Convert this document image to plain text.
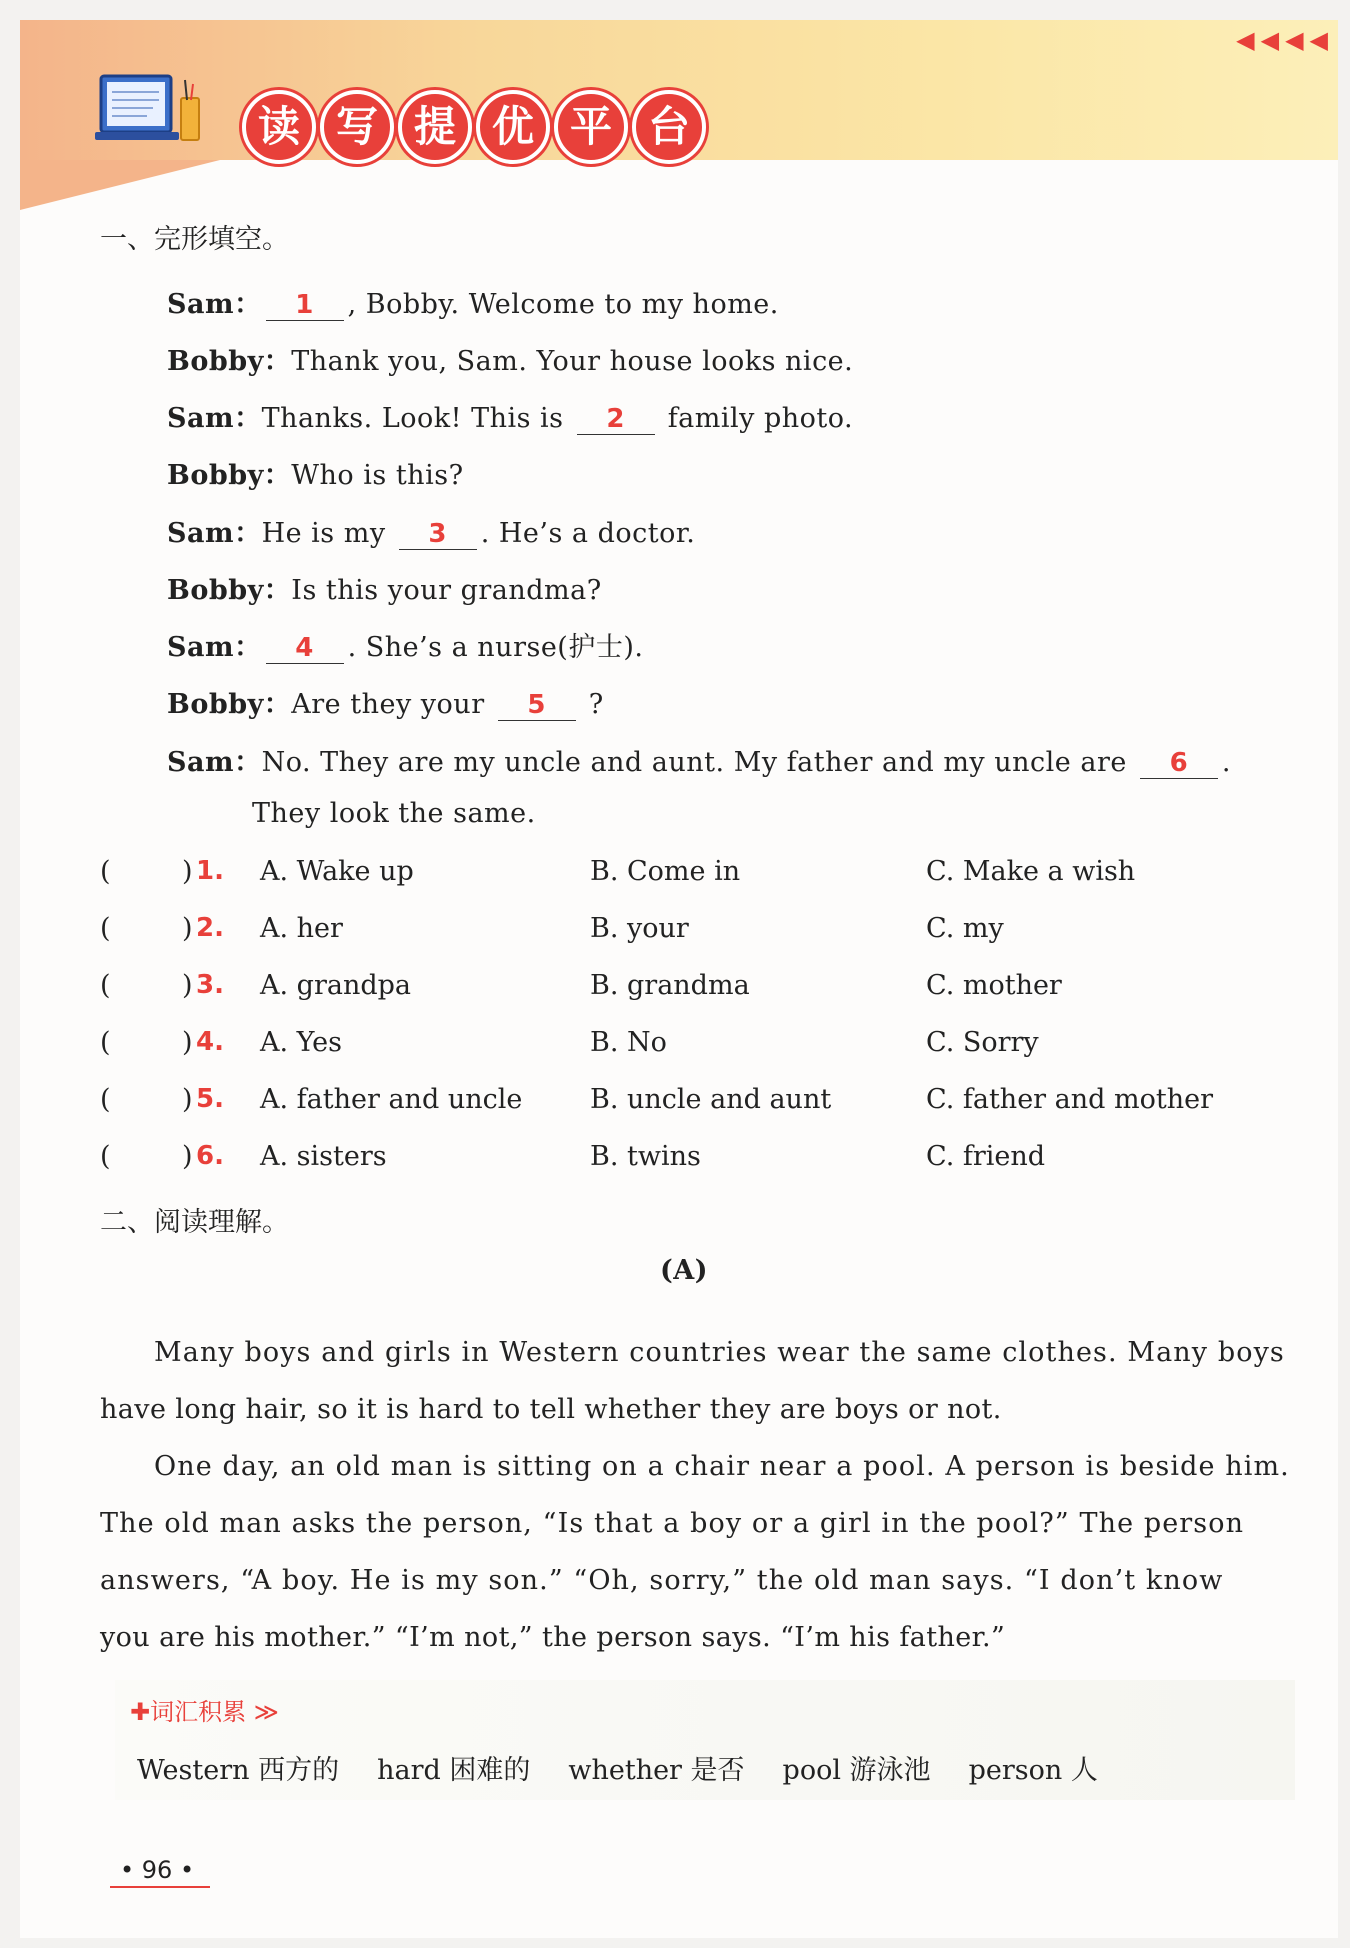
读 写 提 优 平 台
◀ ◀ ◀ ◀
一、完形填空。
Sam： 1 , Bobby. Welcome to my home.
Bobby：Thank you, Sam. Your house looks nice.
Sam：Thanks. Look! This is 2 family photo.
Bobby：Who is this?
Sam：He is my 3 . He’s a doctor.
Bobby：Is this your grandma?
Sam： 4 . She’s a nurse(护士).
Bobby：Are they your 5 ?
Sam：No. They are my uncle and aunt. My father and my uncle are 6 .
They look the same.
(	) 1. A. Wake up	B. Come in	C. Make a wish
(	) 2. A. her	B. your	C. my
(	) 3. A. grandpa	B. grandma	C. mother
(	) 4. A. Yes	B. No	C. Sorry
(	) 5. A. father and uncle	B. uncle and aunt	C. father and mother
(	) 6. A. sisters	B. twins	C. friend
二、阅读理解。
(A)
Many boys and girls in Western countries wear the same clothes. Many boys
have long hair, so it is hard to tell whether they are boys or not.
One day, an old man is sitting on a chair near a pool. A person is beside him.
The old man asks the person, “Is that a boy or a girl in the pool?” The person
answers, “A boy. He is my son.” “Oh, sorry,” the old man says. “I don’t know
you are his mother.” “I’m not,” the person says. “I’m his father.”
✚词汇积累 ≫
Western 西方的 hard 困难的 whether 是否 pool 游泳池 person 人
• 96 •
